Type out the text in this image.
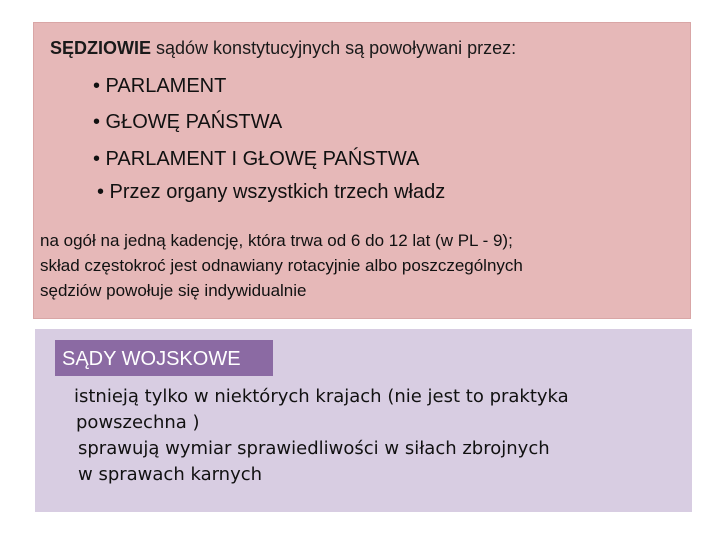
SĘDZIOWIE sądów konstytucyjnych są powoływani przez:
• PARLAMENT
• GŁOWĘ PAŃSTWA
• PARLAMENT I GŁOWĘ PAŃSTWA
• Przez organy wszystkich trzech władz
na ogół na jedną kadencję, która trwa od 6 do 12 lat (w PL - 9);
skład częstokroć jest odnawiany rotacyjnie albo poszczególnych
sędziów powołuje się indywidualnie
SĄDY WOJSKOWE
istnieją tylko w niektórych krajach (nie jest to praktyka
powszechna )
sprawują wymiar sprawiedliwości w siłach zbrojnych
w sprawach karnych
